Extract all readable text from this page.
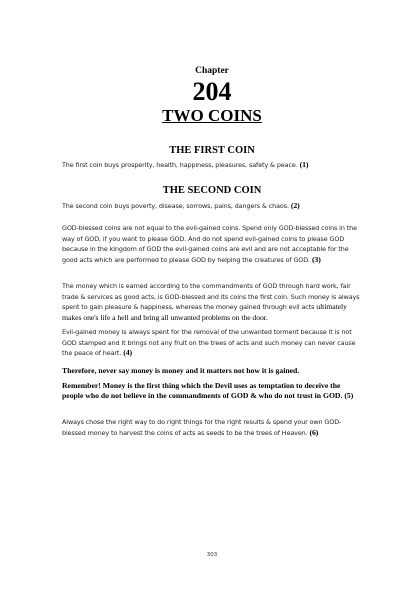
Chapter
204
TWO COINS
THE FIRST COIN
The first coin buys prosperity, health, happiness, pleasures, safety & peace. (1)
THE SECOND COIN
The second coin buys poverty, disease, sorrows, pains, dangers & chaos. (2)
GOD-blessed coins are not equal to the evil-gained coins. Spend only GOD-blessed coins in the way of GOD, if you want to please GOD. And do not spend evil-gained coins to please GOD because in the kingdom of GOD the evil-gained coins are evil and are not acceptable for the good acts which are performed to please GOD by helping the creatures of GOD. (3)
The money which is earned according to the commandments of GOD through hard work, fair trade & services as good acts, is GOD-blessed and its coins the first coin. Such money is always spent to gain pleasure & happiness, whereas the money gained through evil acts ultimately makes one's life a hell and bring all unwanted problems on the door.
Evil-gained money is always spent for the removal of the unwanted torment because it is not GOD stamped and it brings not any fruit on the trees of acts and such money can never cause the peace of heart. (4)
Therefore, never say money is money and it matters not how it is gained.
Remember! Money is the first thing which the Devil uses as temptation to deceive the people who do not believe in the commandments of GOD & who do not trust in GOD. (5)
Always chose the right way to do right things for the right results & spend your own GOD-blessed money to harvest the coins of acts as seeds to be the trees of Heaven. (6)
303
